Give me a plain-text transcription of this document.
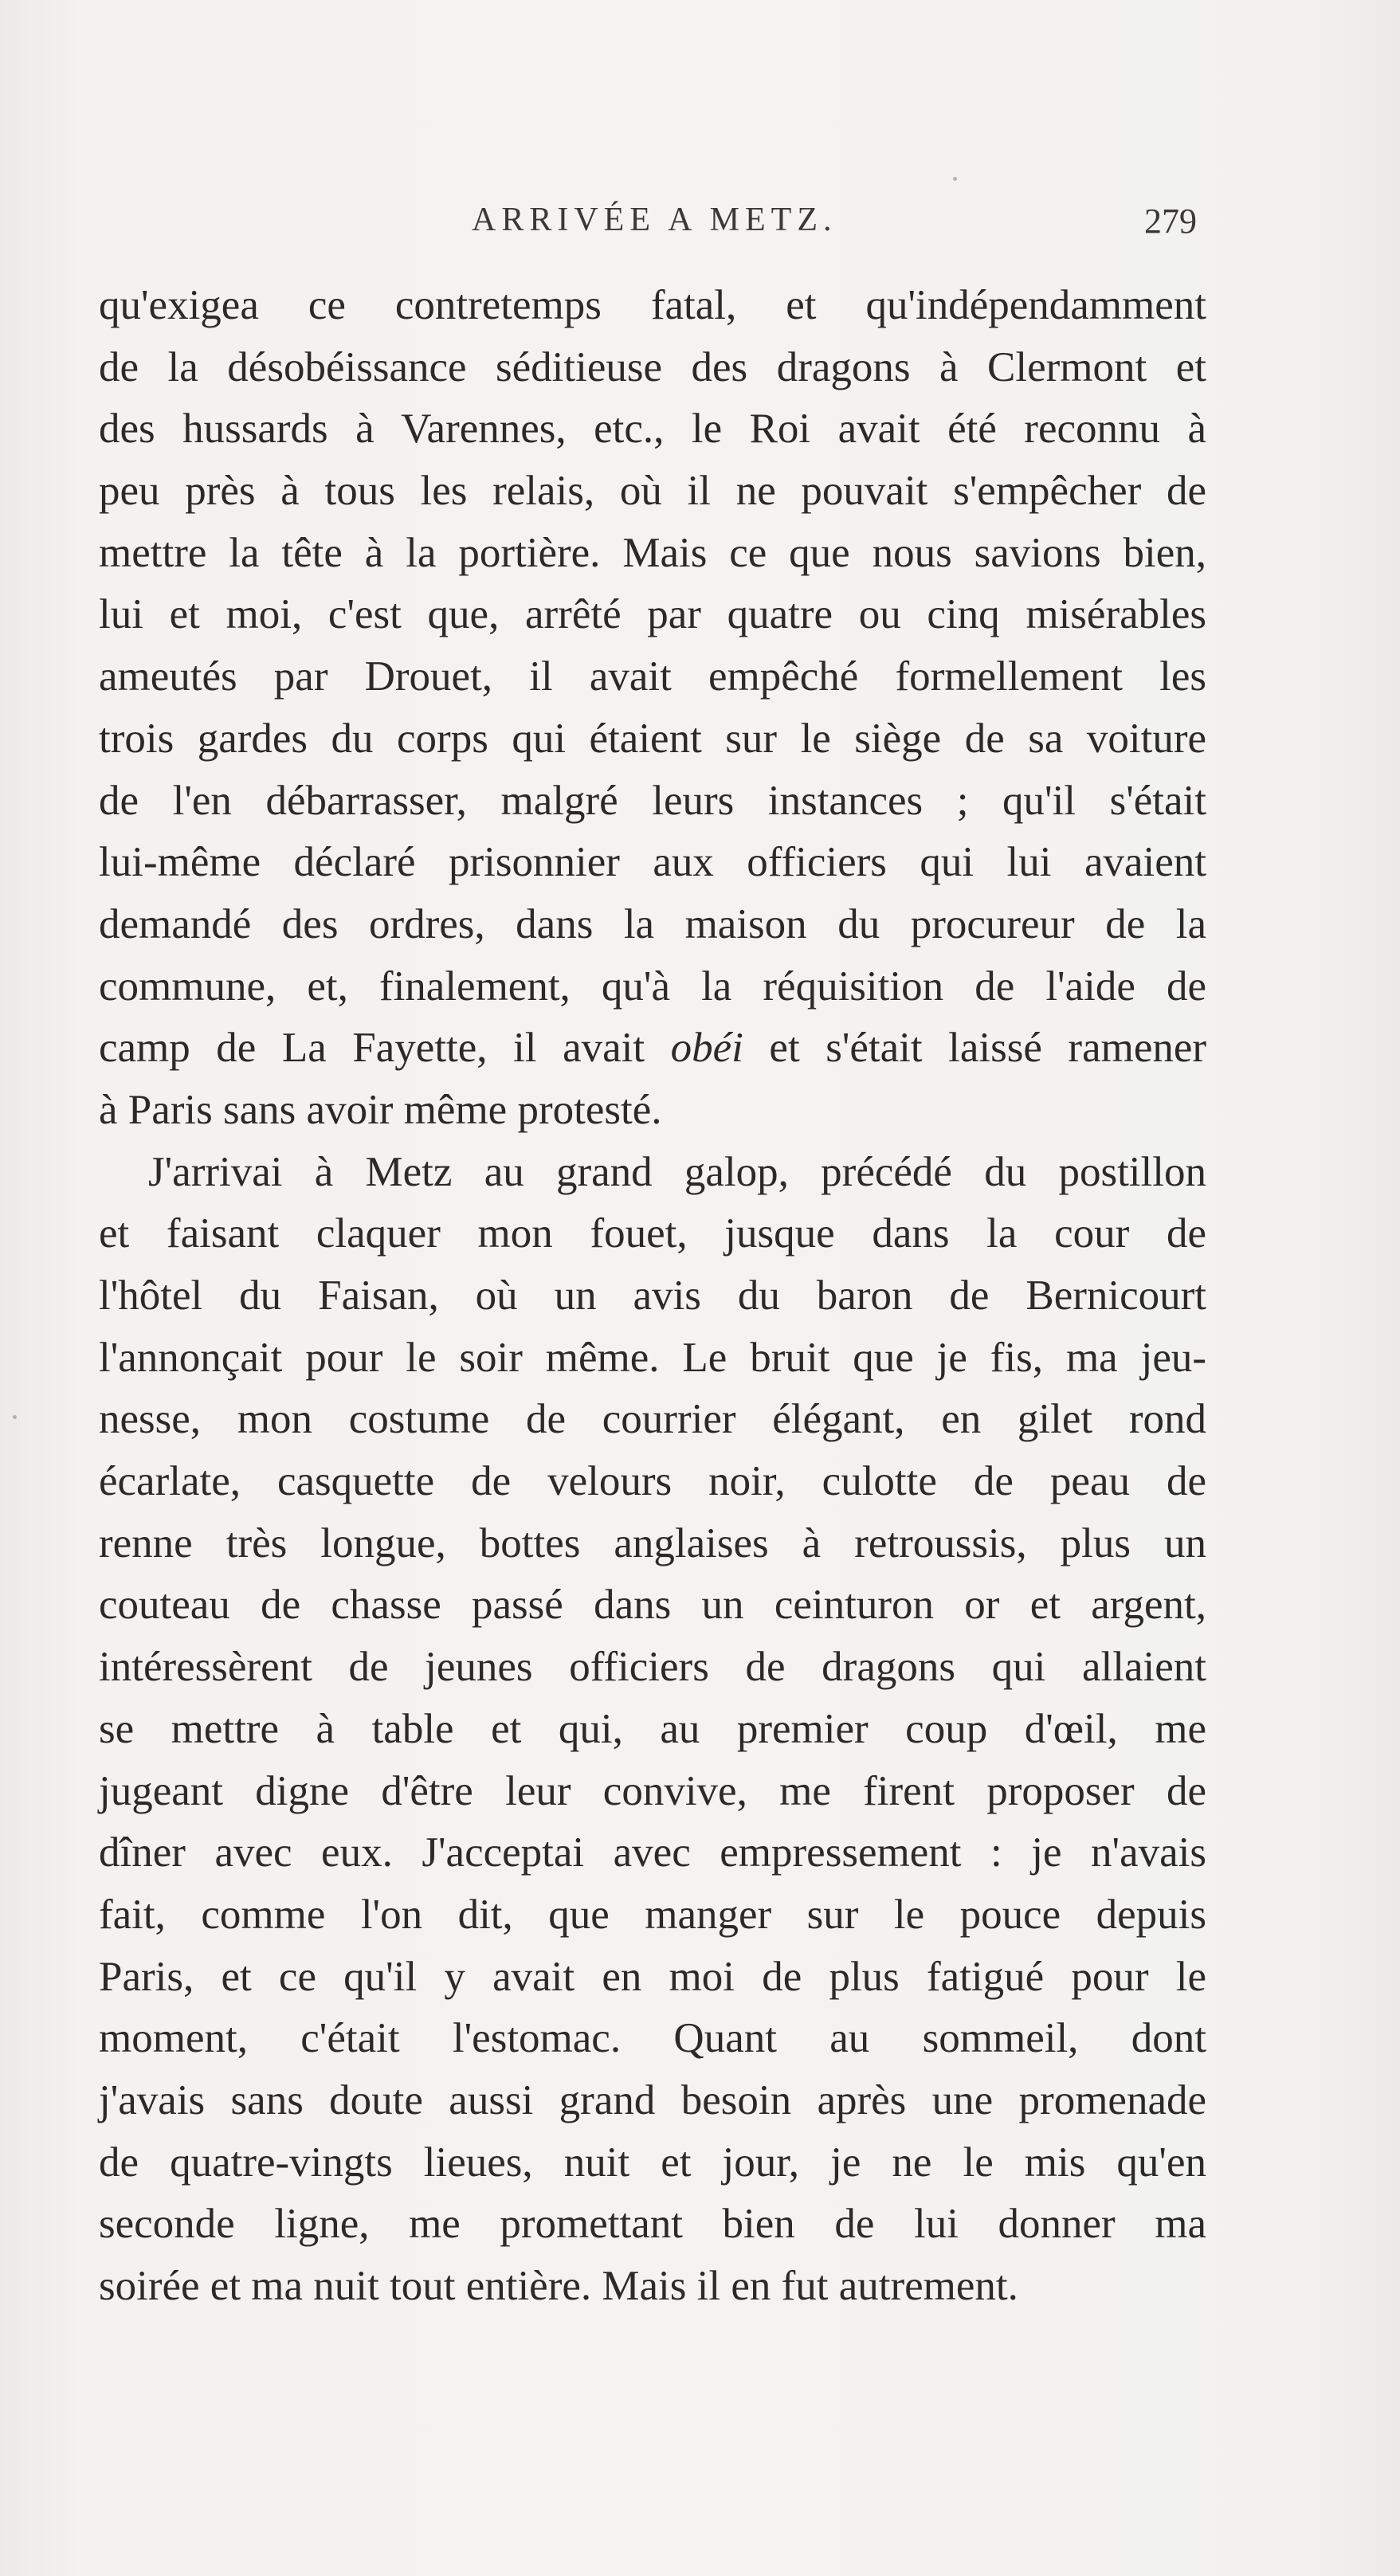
ARRIVÉE A METZ.	279
qu'exigea ce contretemps fatal, et qu'indépendamment
de la désobéissance séditieuse des dragons à Clermont et
des hussards à Varennes, etc., le Roi avait été reconnu à
peu près à tous les relais, où il ne pouvait s'empêcher de
mettre la tête à la portière. Mais ce que nous savions bien,
lui et moi, c'est que, arrêté par quatre ou cinq misérables
ameutés par Drouet, il avait empêché formellement les
trois gardes du corps qui étaient sur le siège de sa voiture
de l'en débarrasser, malgré leurs instances ; qu'il s'était
lui-même déclaré prisonnier aux officiers qui lui avaient
demandé des ordres, dans la maison du procureur de la
commune, et, finalement, qu'à la réquisition de l'aide de
camp de La Fayette, il avait obéi et s'était laissé ramener
à Paris sans avoir même protesté.
J'arrivai à Metz au grand galop, précédé du postillon
et faisant claquer mon fouet, jusque dans la cour de
l'hôtel du Faisan, où un avis du baron de Bernicourt
l'annonçait pour le soir même. Le bruit que je fis, ma jeu-
nesse, mon costume de courrier élégant, en gilet rond
écarlate, casquette de velours noir, culotte de peau de
renne très longue, bottes anglaises à retroussis, plus un
couteau de chasse passé dans un ceinturon or et argent,
intéressèrent de jeunes officiers de dragons qui allaient
se mettre à table et qui, au premier coup d'œil, me
jugeant digne d'être leur convive, me firent proposer de
dîner avec eux. J'acceptai avec empressement : je n'avais
fait, comme l'on dit, que manger sur le pouce depuis
Paris, et ce qu'il y avait en moi de plus fatigué pour le
moment, c'était l'estomac. Quant au sommeil, dont
j'avais sans doute aussi grand besoin après une promenade
de quatre-vingts lieues, nuit et jour, je ne le mis qu'en
seconde ligne, me promettant bien de lui donner ma
soirée et ma nuit tout entière. Mais il en fut autrement.
